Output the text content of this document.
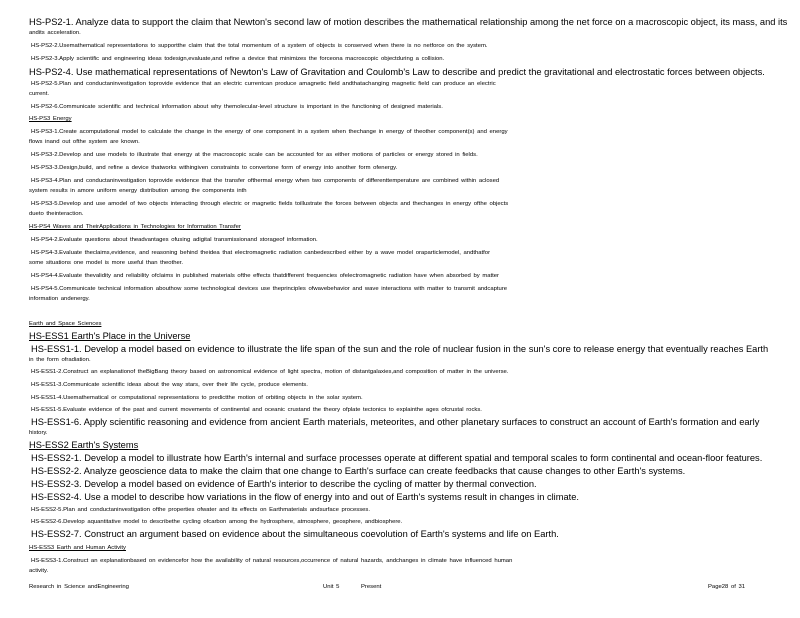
HS-PS2-1. Analyze data to support the claim that Newton's second law of motion describes the mathematical relationship among the net force on a macroscopic object, its mass, and its
andits acceleration.
HS-PS2-2.Usemathematical representations to supportthe claim that the total momentum of a system of objects is conserved when there is no netforce on the system.
HS-PS2-3.Apply scientific and engineering ideas todesign,evaluate,and refine a device that minimizes the forceona macroscopic objectduring a collision.
HS-PS2-4. Use mathematical representations of Newton's Law of Gravitation and Coulomb's Law to describe and predict the gravitational and electrostatic forces between objects.
HS-PS2-5.Plan and conductaninvestigation toprovide evidence that an electric currentcan produce amagnetic field andthatachanging magnetic field can produce an electric
current.
HS-PS2-6.Communicate scientific and technical information about why themolecular-level structure is important in the functioning of designed materials.
HS-PS3 Energy
HS-PS3-1.Create acomputational model to calculate the change in the energy of one component in a system when thechange in energy of theother component(s) and energy
flows inand out ofthe system are known.
HS-PS3-2.Develop and use models to illustrate that energy at the macroscopic scale can be accounted for as either motions of particles or energy stored in fields.
HS-PS3-3.Design,build, and refine a device thatworks withingiven constraints to convertone form of energy into another form ofenergy.
HS-PS3-4.Plan and conductaninvestigation toprovide evidence that the transfer ofthermal energy when two components of differenttemperature are combined within aclosed
system results in amore uniform energy distribution among the components inth
HS-PS3-5.Develop and use amodel of two objects interacting through electric or magnetic fields toillustrate the forces between objects and thechanges in energy ofthe objects
dueto theinteraction.
HS-PS4 Waves and TheirApplications in Technologies for Information Transfer
HS-PS4-2.Evaluate questions about theadvantages ofusing adigital transmissionand storageof information.
HS-PS4-3.Evaluate theclaims,evidence, and reasoning behind theidea that electromagnetic radiation canbedescribed either by a wave model oraparticlemodel, andthatfor
some situations one model is more useful than theother.
HS-PS4-4.Evaluate thevalidity and reliability ofclaims in published materials ofthe effects thatdifferent frequencies ofelectromagnetic radiation have when absorbed by matter
HS-PS4-5.Communicate technical information abouthow some technological devices use theprinciples ofwavebehavior and wave interactions with matter to transmit andcapture
information andenergy.
Earth and Space Sciences
HS-ESS1 Earth's Place in the Universe
HS-ESS1-1. Develop a model based on evidence to illustrate the life span of the sun and the role of nuclear fusion in the sun's core to release energy that eventually reaches Earth
in the form ofradiation.
HS-ESS1-2.Construct an explanationof theBigBang theory based on astronomical evidence of light spectra, motion of distantgalaxies,and composition of matter in the universe.
HS-ESS1-3.Communicate scientific ideas about the way stars, over their life cycle, produce elements.
HS-ESS1-4.Usemathematical or computational representations to predictthe motion of orbiting objects in the solar system.
HS-ESS1-5.Evaluate evidence of the past and current movements of continental and oceanic crustand the theory ofplate tectonics to explainthe ages ofcrustal rocks.
HS-ESS1-6. Apply scientific reasoning and evidence from ancient Earth materials, meteorites, and other planetary surfaces to construct an account of Earth's formation and early
history.
HS-ESS2 Earth's Systems
HS-ESS2-1. Develop a model to illustrate how Earth's internal and surface processes operate at different spatial and temporal scales to form continental and ocean-floor features.
HS-ESS2-2. Analyze geoscience data to make the claim that one change to Earth's surface can create feedbacks that cause changes to other Earth's systems.
HS-ESS2-3. Develop a model based on evidence of Earth's interior to describe the cycling of matter by thermal convection.
HS-ESS2-4. Use a model to describe how variations in the flow of energy into and out of Earth's systems result in changes in climate.
HS-ESS2-5.Plan and conductaninvestigation ofthe properties ofwater and its effects on Earthmaterials andsurface processes.
HS-ESS2-6.Develop aquantitative model to describethe cycling ofcarbon among the hydrosphere, atmosphere, geosphere, andbiosphere.
HS-ESS2-7. Construct an argument based on evidence about the simultaneous coevolution of Earth's systems and life on Earth.
HS-ESS3 Earth and Human Activity
HS-ESS3-1.Construct an explanationbased on evidencefor how the availability of natural resources,occurrence of natural hazards, andchanges in climate have influenced human
activity.
Research in Science andEngineering	Unit 5	Present	Page28 of 31
